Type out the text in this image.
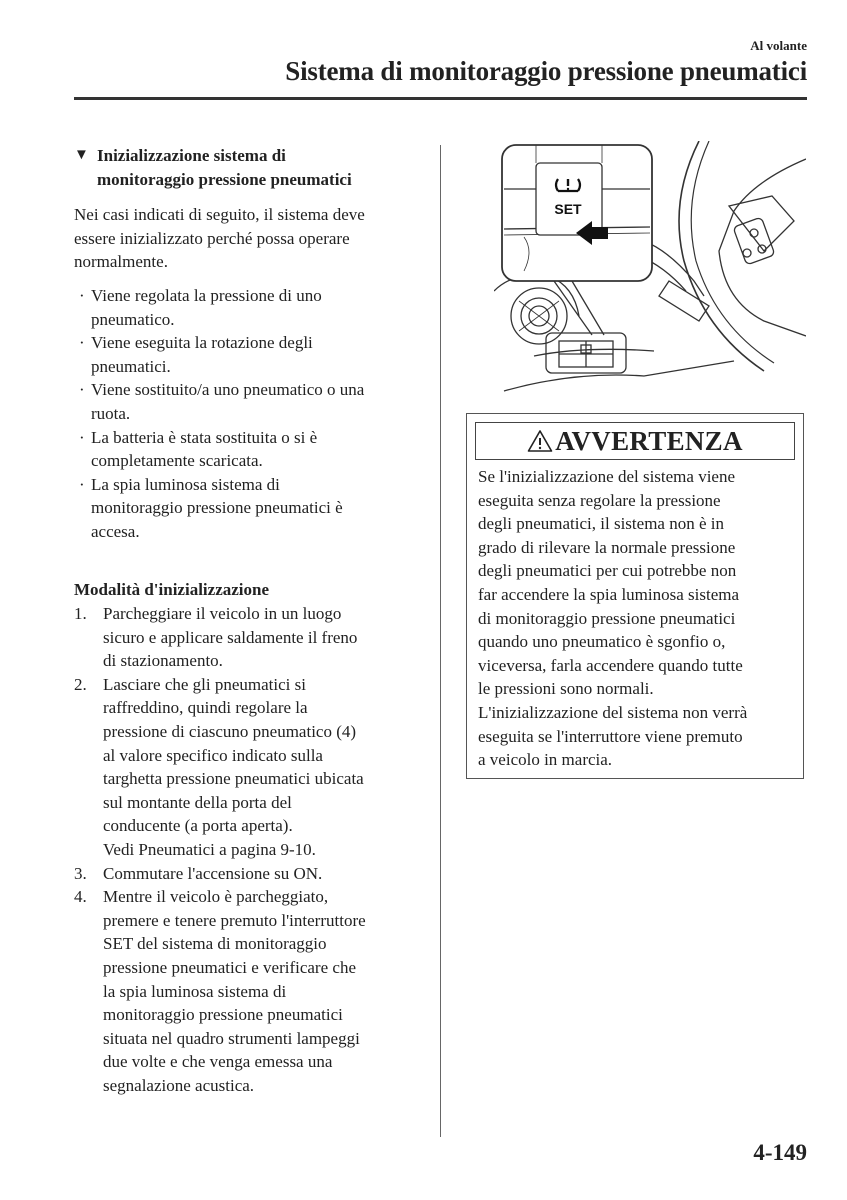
Al volante
Sistema di monitoraggio pressione pneumatici
▼ Inizializzazione sistema di
monitoraggio pressione pneumatici
Nei casi indicati di seguito, il sistema deve
essere inizializzato perché possa operare
normalmente.
· Viene regolata la pressione di uno
pneumatico.
· Viene eseguita la rotazione degli
pneumatici.
· Viene sostituito/a uno pneumatico o una
ruota.
· La batteria è stata sostituita o si è
completamente scaricata.
· La spia luminosa sistema di
monitoraggio pressione pneumatici è
accesa.
Modalità d'inizializzazione
1. Parcheggiare il veicolo in un luogo
sicuro e applicare saldamente il freno
di stazionamento.
2. Lasciare che gli pneumatici si
raffreddino, quindi regolare la
pressione di ciascuno pneumatico (4)
al valore specifico indicato sulla
targhetta pressione pneumatici ubicata
sul montante della porta del
conducente (a porta aperta).
Vedi Pneumatici a pagina 9-10.
3. Commutare l'accensione su ON.
4. Mentre il veicolo è parcheggiato,
premere e tenere premuto l'interruttore
SET del sistema di monitoraggio
pressione pneumatici e verificare che
la spia luminosa sistema di
monitoraggio pressione pneumatici
situata nel quadro strumenti lampeggi
due volte e che venga emessa una
segnalazione acustica.
SET
AVVERTENZA
Se l'inizializzazione del sistema viene
eseguita senza regolare la pressione
degli pneumatici, il sistema non è in
grado di rilevare la normale pressione
degli pneumatici per cui potrebbe non
far accendere la spia luminosa sistema
di monitoraggio pressione pneumatici
quando uno pneumatico è sgonfio o,
viceversa, farla accendere quando tutte
le pressioni sono normali.
L'inizializzazione del sistema non verrà
eseguita se l'interruttore viene premuto
a veicolo in marcia.
4-149
